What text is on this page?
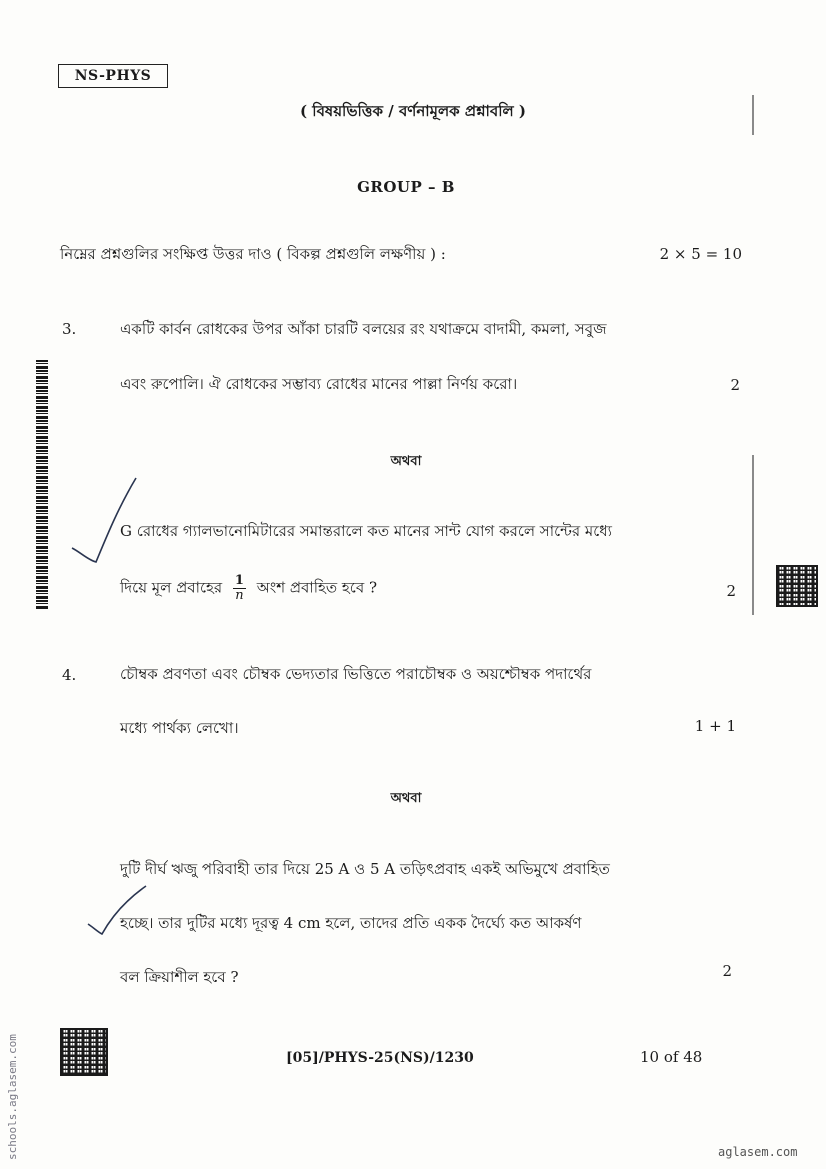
NS-PHYS
( বিষয়ভিত্তিক / বর্ণনামূলক প্রশ্নাবলি )
GROUP – B
নিম্নের প্রশ্নগুলির সংক্ষিপ্ত উত্তর দাও ( বিকল্প প্রশ্নগুলি লক্ষণীয় ) :	2 × 5 = 10
3.	একটি কার্বন রোধকের উপর আঁকা চারটি বলয়ের রং যথাক্রমে বাদামী, কমলা, সবুজ
এবং রুপোলি। ঐ রোধকের সম্ভাব্য রোধের মানের পাল্লা নির্ণয় করো।	2
অথবা
G রোধের গ্যালভানোমিটারের সমান্তরালে কত মানের সান্ট যোগ করলে সান্টের মধ্যে
দিয়ে মূল প্রবাহের $\frac{1}{n}$ অংশ প্রবাহিত হবে ?	2
4.	চৌম্বক প্রবণতা এবং চৌম্বক ভেদ্যতার ভিত্তিতে পরাচৌম্বক ও অয়শ্চৌম্বক পদার্থের
মধ্যে পার্থক্য লেখো।	1 + 1
অথবা
দুটি দীর্ঘ ঋজু পরিবাহী তার দিয়ে 25 A ও 5 A তড়িৎপ্রবাহ একই অভিমুখে প্রবাহিত
হচ্ছে। তার দুটির মধ্যে দূরত্ব 4 cm হলে, তাদের প্রতি একক দৈর্ঘ্যে কত আকর্ষণ
বল ক্রিয়াশীল হবে ?	2
[05]/PHYS-25(NS)/1230	10 of 48
schools.aglasem.com	aglasem.com
